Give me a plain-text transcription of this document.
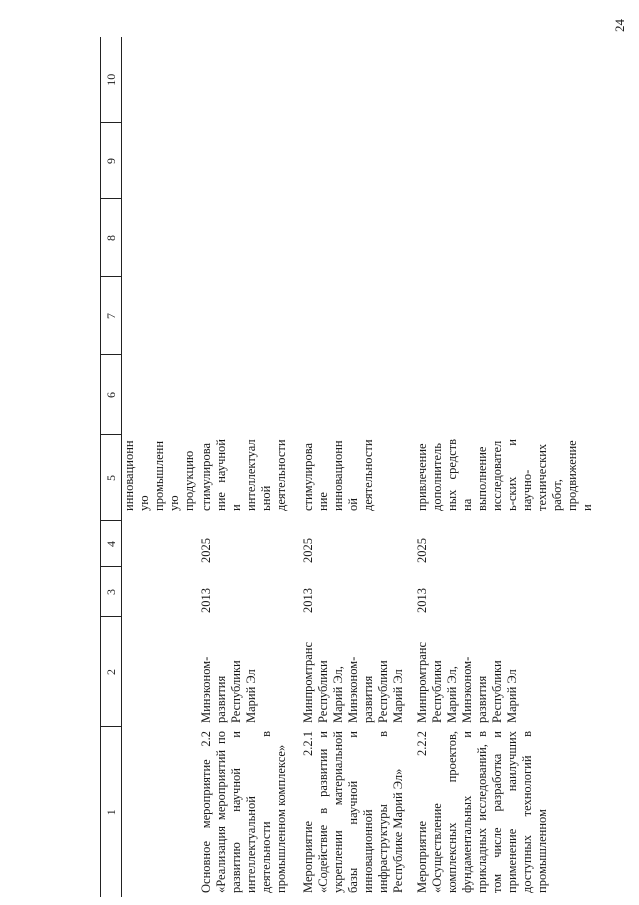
24
1	2	3	4	5	6	7	8	9	10
				инновационную промышленную продукцию					
Основное мероприятие 2.2 «Реализация мероприятий по развитию научной и интеллектуальной деятельности в промышленном комплексе»	Минэконом-развития Республики Марий Эл	2013	2025	стимулирование научной и интеллектуальной деятельности					
Мероприятие 2.2.1 «Содействие в развитии и укреплении материальной базы научной и инновационной инфраструктуры в Республике Марий Эл»	Минпромтранс Республики Марий Эл, Минэконом-развития Республики Марий Эл	2013	2025	стимулирование инновационной деятельности					
Мероприятие 2.2.2 «Осуществление комплексных проектов, фундаментальных и прикладных исследований, в том числе разработка и применение наилучших доступных технологий в промышленном	Минпромтранс Республики Марий Эл, Минэконом-развития Республики Марий Эл	2013	2025	привлечение дополнительных средств на выполнение исследователь-ских и научно-технических работ, продвижение и					
